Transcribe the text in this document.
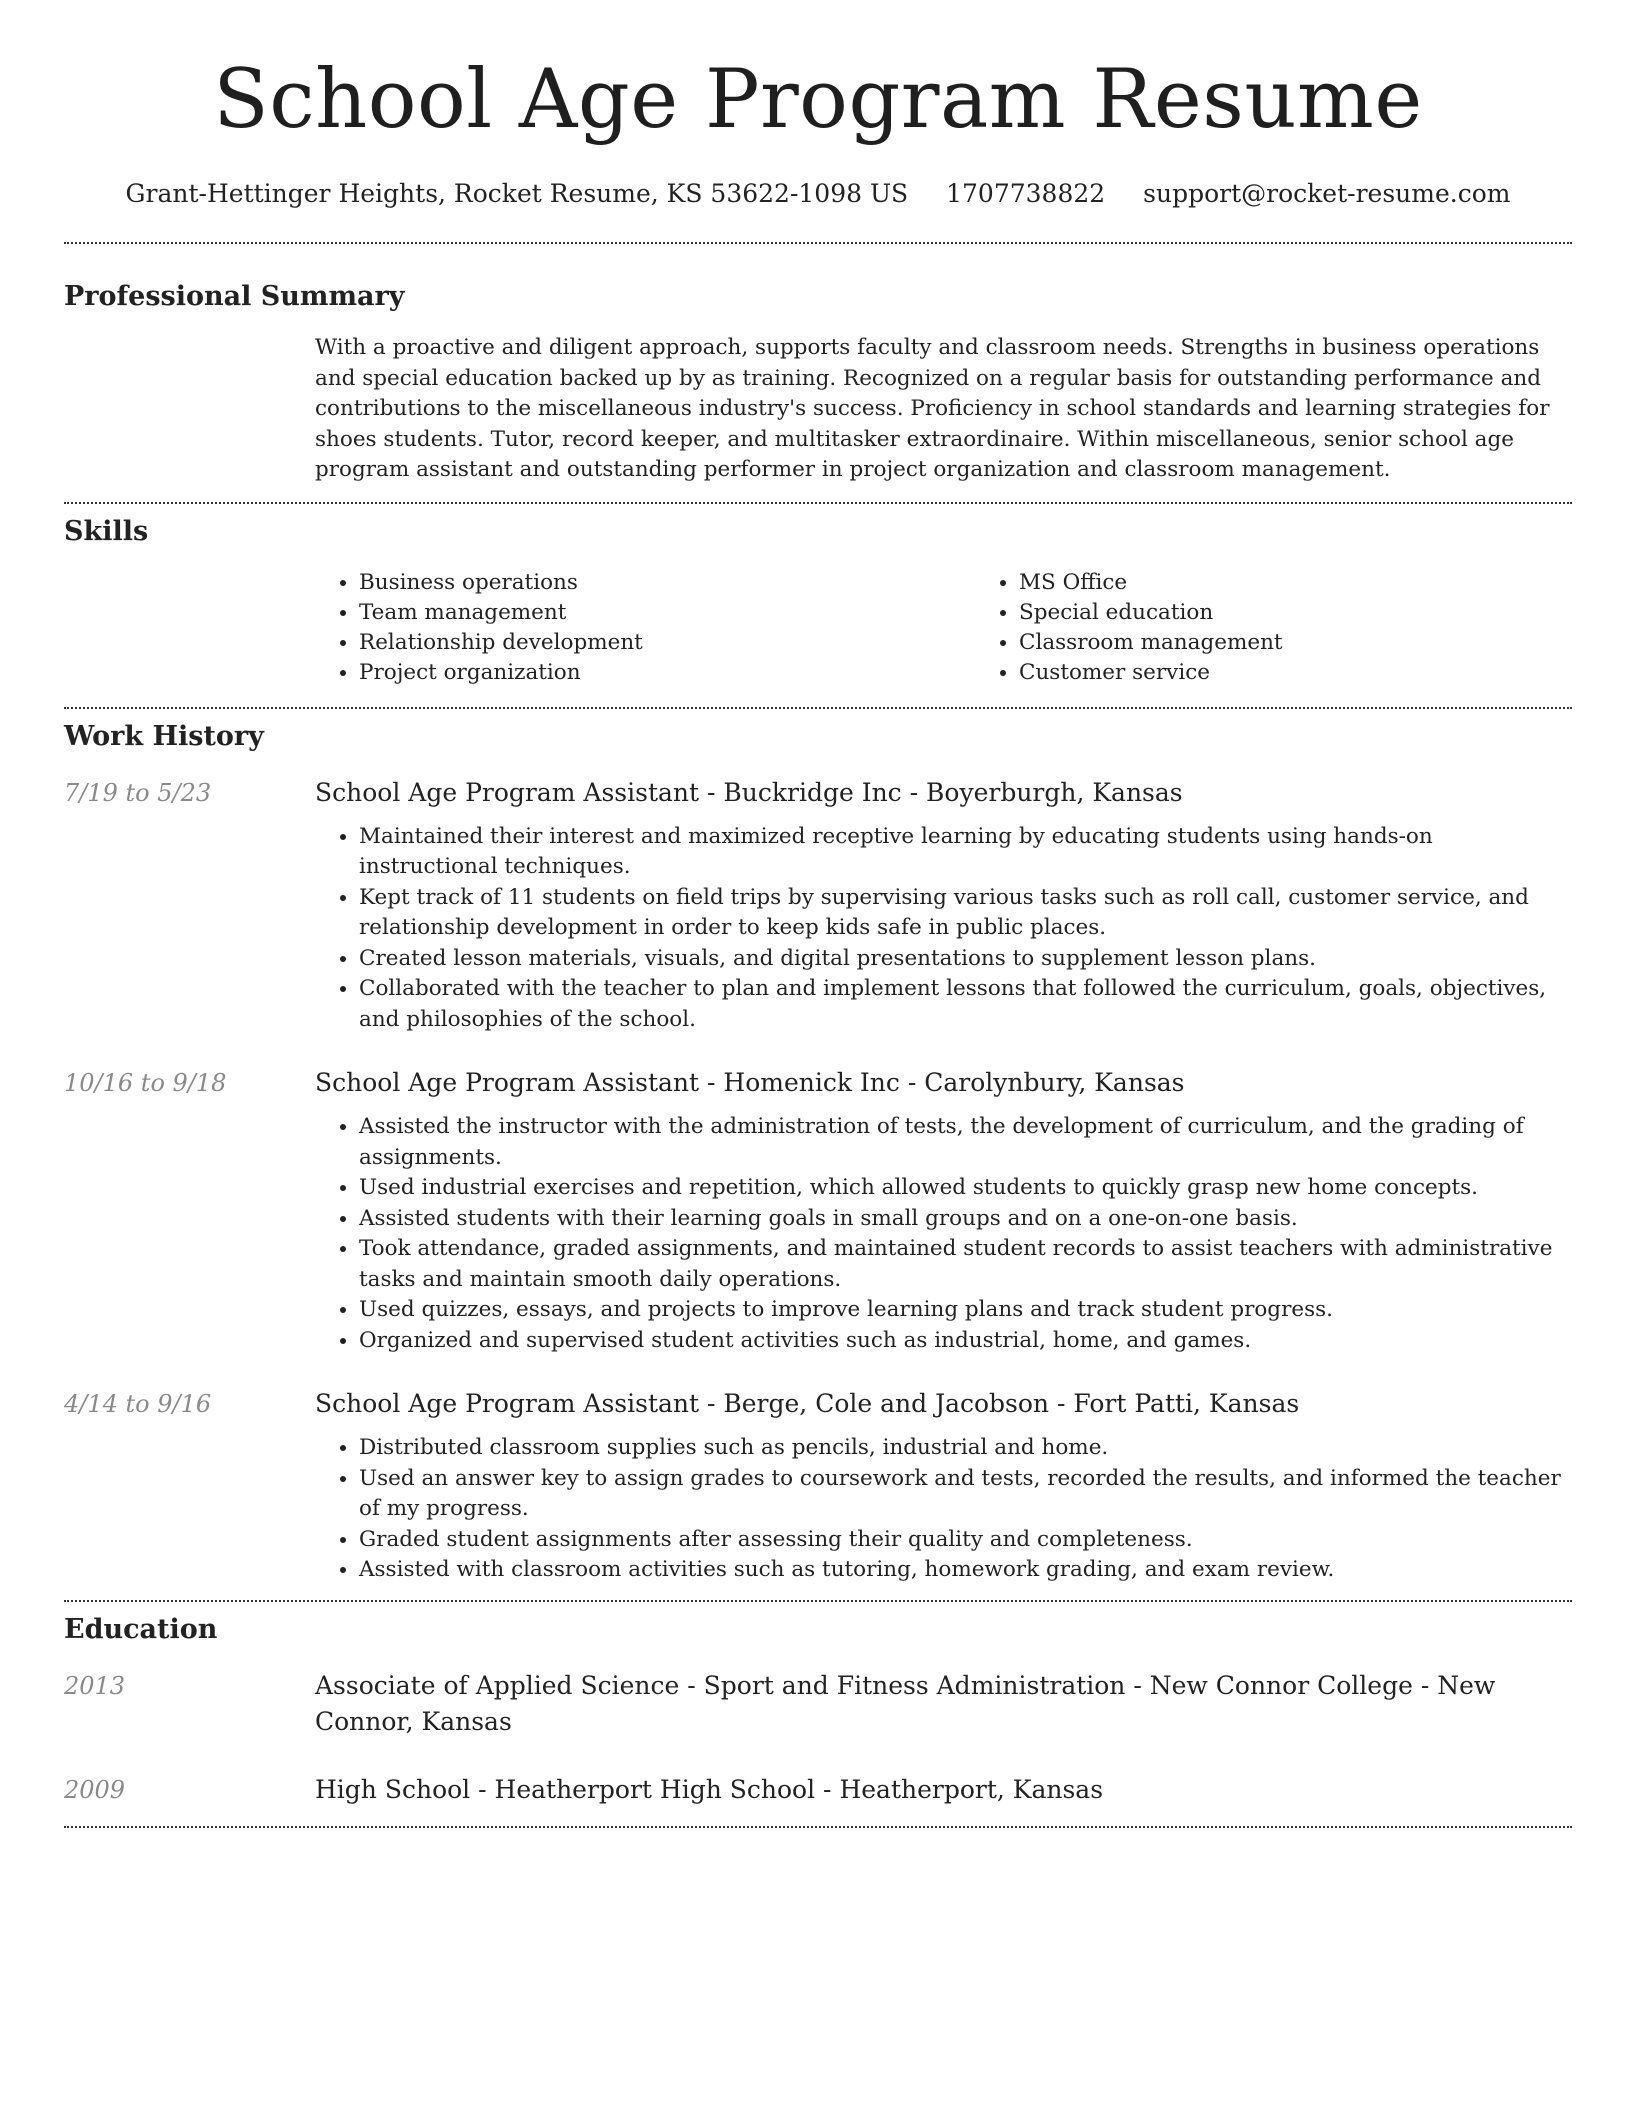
School Age Program Resume
Grant-Hettinger Heights, Rocket Resume, KS 53622-1098 US 1707738822 support@rocket-resume.com
Professional Summary

With a proactive and diligent approach, supports faculty and classroom needs. Strengths in business operations and special education backed up by as training. Recognized on a regular basis for outstanding performance and contributions to the miscellaneous industry's success. Proficiency in school standards and learning strategies for shoes students. Tutor, record keeper, and multitasker extraordinaire. Within miscellaneous, senior school age program assistant and outstanding performer in project organization and classroom management.

Skills
• Business operations
• Team management
• Relationship development
• Project organization
• MS Office
• Special education
• Classroom management
• Customer service
Work History
7/19 to 5/23	School Age Program Assistant - Buckridge Inc - Boyerburgh, Kansas
• Maintained their interest and maximized receptive learning by educating students using hands-on instructional techniques.
• Kept track of 11 students on field trips by supervising various tasks such as roll call, customer service, and relationship development in order to keep kids safe in public places.
• Created lesson materials, visuals, and digital presentations to supplement lesson plans.
• Collaborated with the teacher to plan and implement lessons that followed the curriculum, goals, objectives, and philosophies of the school.
10/16 to 9/18	School Age Program Assistant - Homenick Inc - Carolynbury, Kansas
• Assisted the instructor with the administration of tests, the development of curriculum, and the grading of assignments.
• Used industrial exercises and repetition, which allowed students to quickly grasp new home concepts.
• Assisted students with their learning goals in small groups and on a one-on-one basis.
• Took attendance, graded assignments, and maintained student records to assist teachers with administrative tasks and maintain smooth daily operations.
• Used quizzes, essays, and projects to improve learning plans and track student progress.
• Organized and supervised student activities such as industrial, home, and games.
4/14 to 9/16	School Age Program Assistant - Berge, Cole and Jacobson - Fort Patti, Kansas
• Distributed classroom supplies such as pencils, industrial and home.
• Used an answer key to assign grades to coursework and tests, recorded the results, and informed the teacher of my progress.
• Graded student assignments after assessing their quality and completeness.
• Assisted with classroom activities such as tutoring, homework grading, and exam review.
Education
2013	Associate of Applied Science - Sport and Fitness Administration - New Connor College - New Connor, Kansas
2009	High School - Heatherport High School - Heatherport, Kansas
